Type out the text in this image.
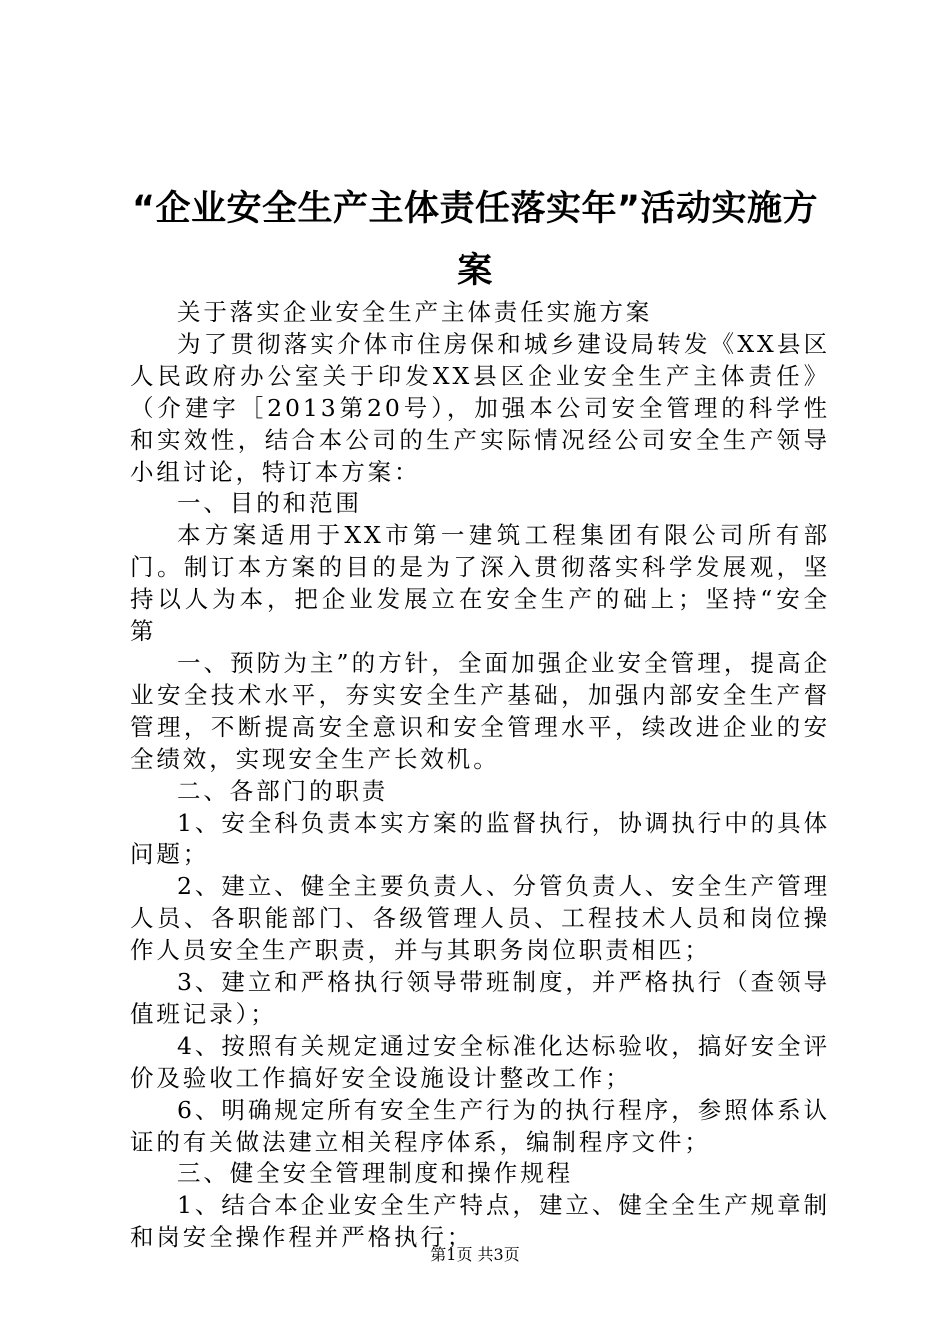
“企业安全生产主体责任落实年”活动实施方案

关于落实企业安全生产主体责任实施方案

为了贯彻落实介体市住房保和城乡建设局转发《XX县区人民政府办公室关于印发XX县区企业安全生产主体责任》（介建字［2013第20号），加强本公司安全管理的科学性和实效性，结合本公司的生产实际情况经公司安全生产领导小组讨论，特订本方案：

一、目的和范围

本方案适用于XX市第一建筑工程集团有限公司所有部门。制订本方案的目的是为了深入贯彻落实科学发展观，坚持以人为本，把企业发展立在安全生产的础上；坚持“安全第

一、预防为主”的方针，全面加强企业安全管理，提高企业安全技术水平，夯实安全生产基础，加强内部安全生产督管理，不断提高安全意识和安全管理水平，续改进企业的安全绩效，实现安全生产长效机。

二、各部门的职责

1、安全科负责本实方案的监督执行，协调执行中的具体问题；

2、建立、健全主要负责人、分管负责人、安全生产管理人员、各职能部门、各级管理人员、工程技术人员和岗位操作人员安全生产职责，并与其职务岗位职责相匹；

3、建立和严格执行领导带班制度，并严格执行（查领导值班记录）；

4、按照有关规定通过安全标准化达标验收，搞好安全评价及验收工作搞好安全设施设计整改工作；

6、明确规定所有安全生产行为的执行程序，参照体系认证的有关做法建立相关程序体系，编制程序文件；

三、健全安全管理制度和操作规程

1、结合本企业安全生产特点，建立、健全全生产规章制和岗安全操作程并严格执行；

第1页 共3页
